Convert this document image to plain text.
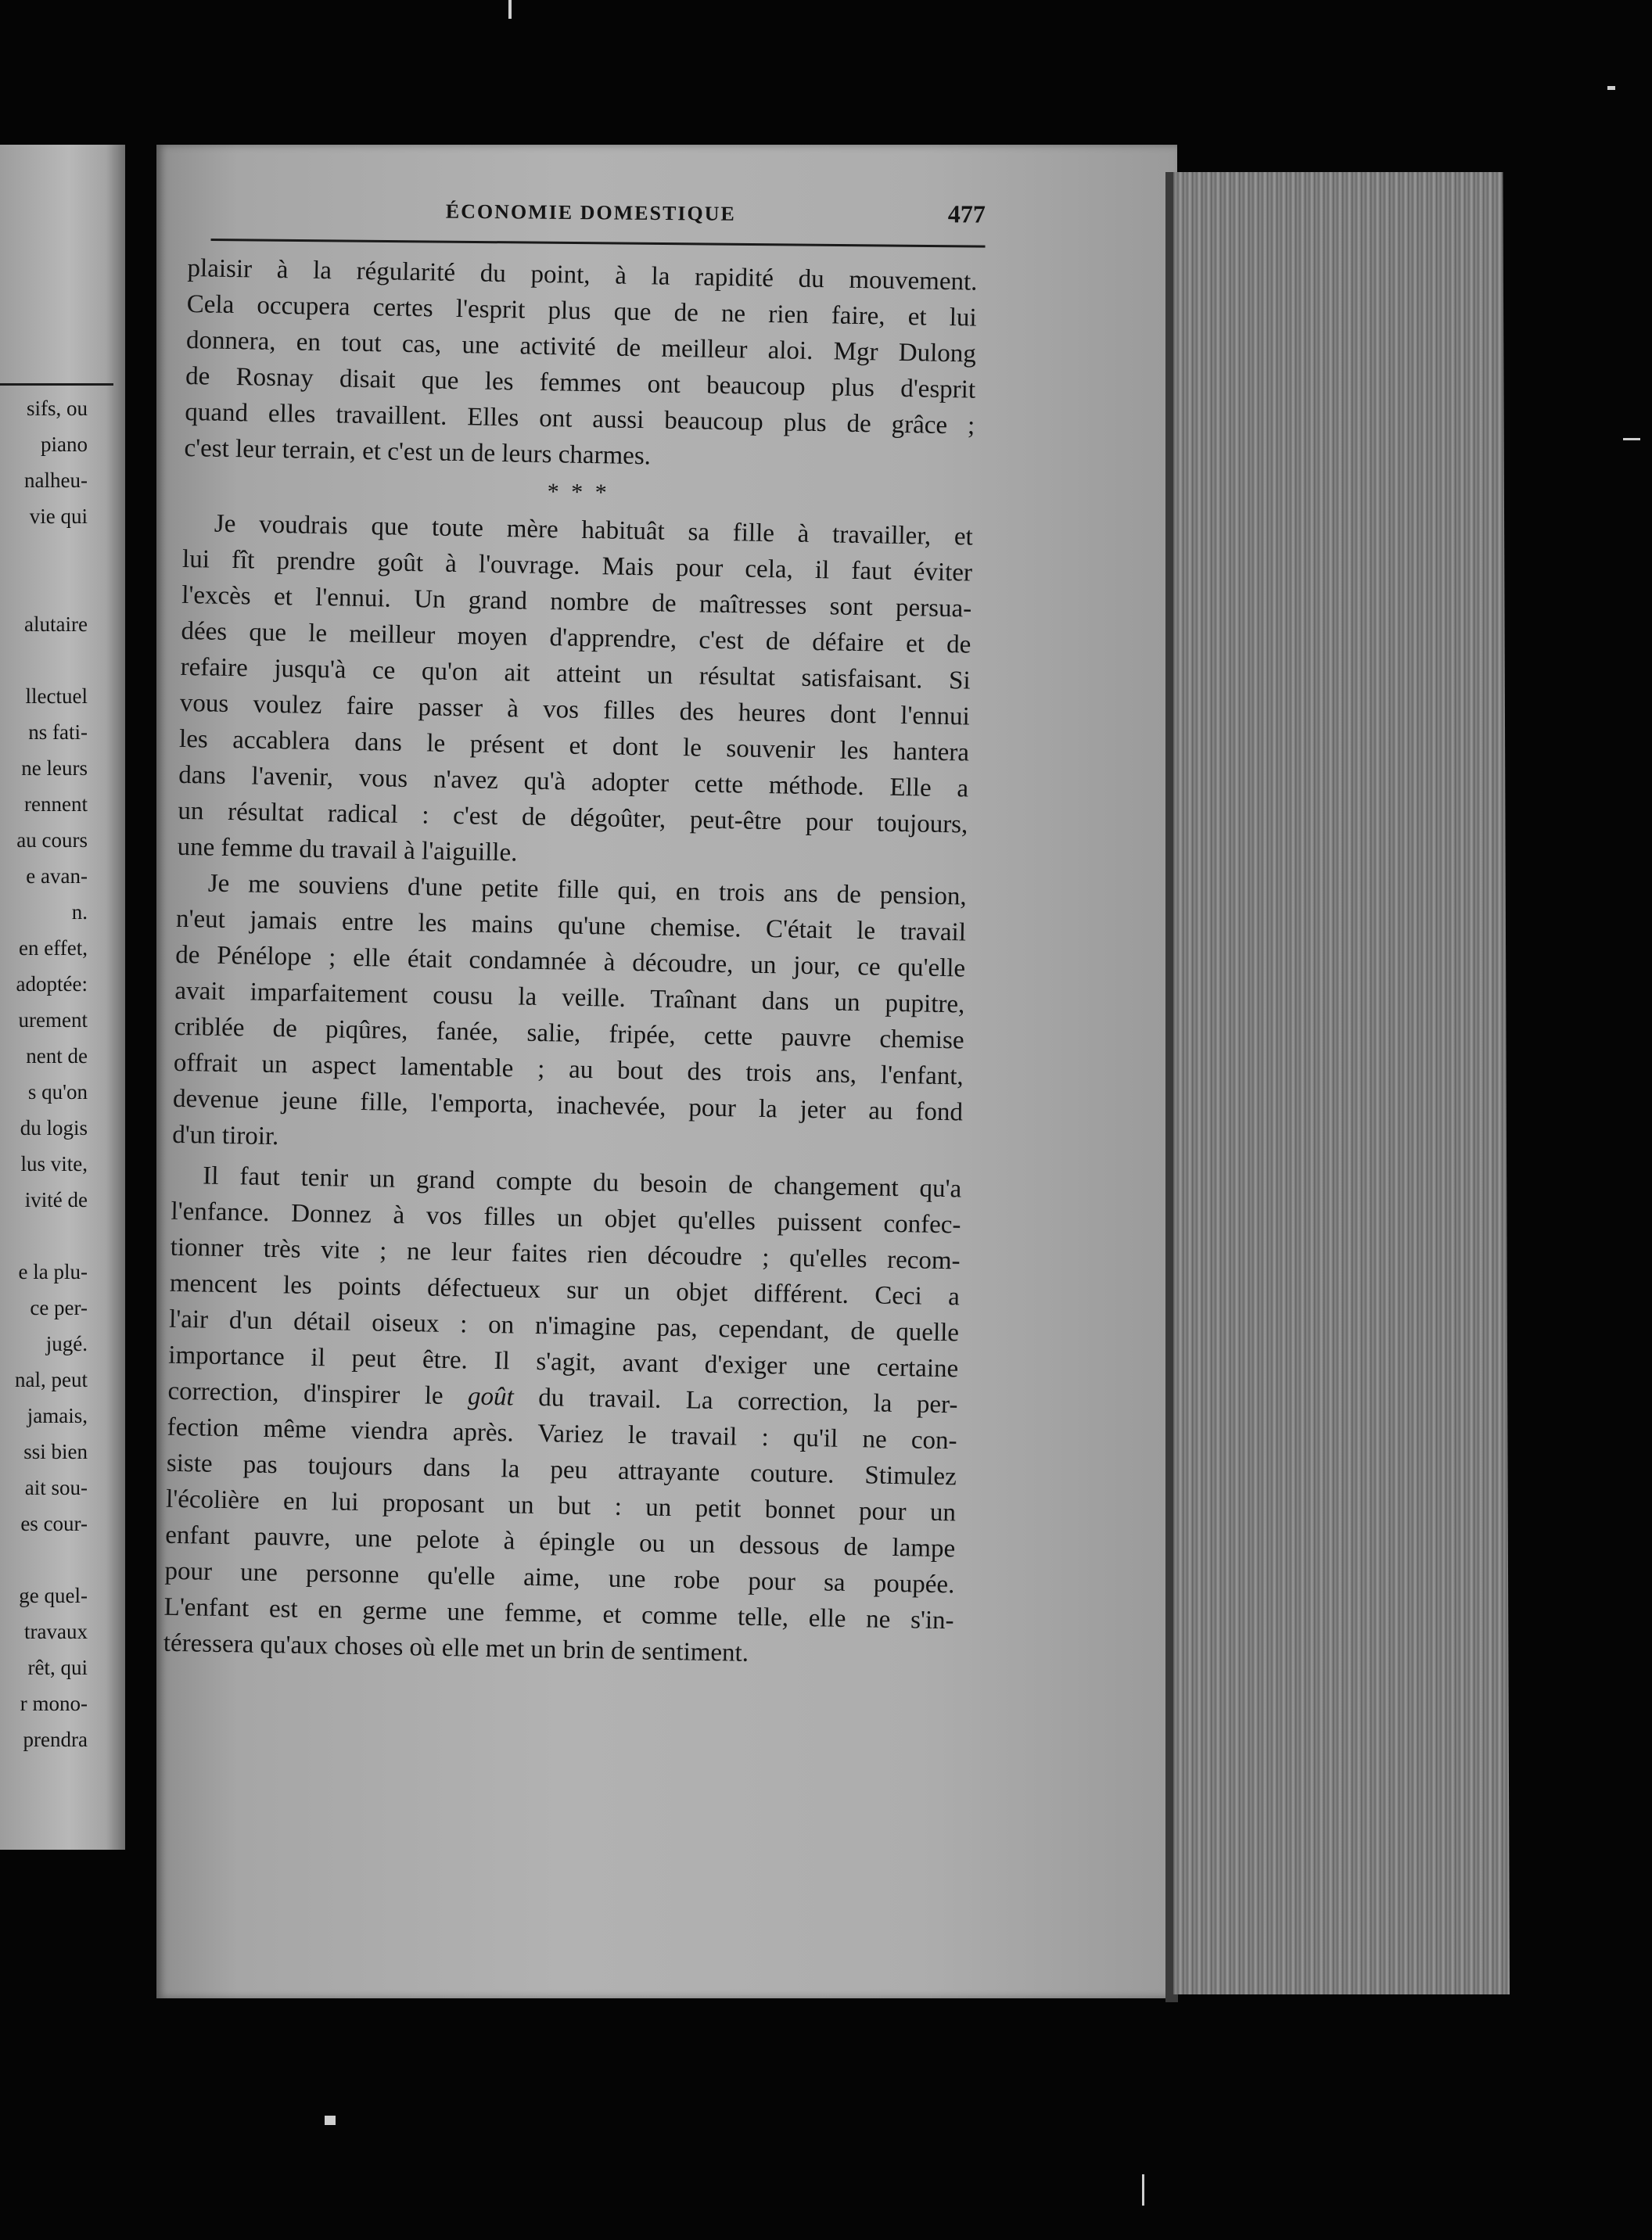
sifs, ou
piano
nalheu-
vie qui
alutaire
llectuel
ns fati-
ne leurs
rennent
au cours
e avan-
n.
en effet,
adoptée:
urement
nent de
s qu'on
du logis
lus vite,
ivité de
e la plu-
ce per-
jugé.
nal, peut
jamais,
ssi bien
ait sou-
es cour-
ge quel-
travaux
rêt, qui
r mono-
prendra
ÉCONOMIE DOMESTIQUE	477
plaisir à la régularité du point, à la rapidité du mouvement.
Cela occupera certes l'esprit plus que de ne rien faire, et lui
donnera, en tout cas, une activité de meilleur aloi. Mgr Dulong
de Rosnay disait que les femmes ont beaucoup plus d'esprit
quand elles travaillent. Elles ont aussi beaucoup plus de grâce ;
c'est leur terrain, et c'est un de leurs charmes.
* * *
Je voudrais que toute mère habituât sa fille à travailler, et
lui fît prendre goût à l'ouvrage. Mais pour cela, il faut éviter
l'excès et l'ennui. Un grand nombre de maîtresses sont persua-
dées que le meilleur moyen d'apprendre, c'est de défaire et de
refaire jusqu'à ce qu'on ait atteint un résultat satisfaisant. Si
vous voulez faire passer à vos filles des heures dont l'ennui
les accablera dans le présent et dont le souvenir les hantera
dans l'avenir, vous n'avez qu'à adopter cette méthode. Elle a
un résultat radical : c'est de dégoûter, peut-être pour toujours,
une femme du travail à l'aiguille.
Je me souviens d'une petite fille qui, en trois ans de pension,
n'eut jamais entre les mains qu'une chemise. C'était le travail
de Pénélope ; elle était condamnée à découdre, un jour, ce qu'elle
avait imparfaitement cousu la veille. Traînant dans un pupitre,
criblée de piqûres, fanée, salie, fripée, cette pauvre chemise
offrait un aspect lamentable ; au bout des trois ans, l'enfant,
devenue jeune fille, l'emporta, inachevée, pour la jeter au fond
d'un tiroir.
Il faut tenir un grand compte du besoin de changement qu'a
l'enfance. Donnez à vos filles un objet qu'elles puissent confec-
tionner très vite ; ne leur faites rien découdre ; qu'elles recom-
mencent les points défectueux sur un objet différent. Ceci a
l'air d'un détail oiseux : on n'imagine pas, cependant, de quelle
importance il peut être. Il s'agit, avant d'exiger une certaine
correction, d'inspirer le goût du travail. La correction, la per-
fection même viendra après. Variez le travail : qu'il ne con-
siste pas toujours dans la peu attrayante couture. Stimulez
l'écolière en lui proposant un but : un petit bonnet pour un
enfant pauvre, une pelote à épingle ou un dessous de lampe
pour une personne qu'elle aime, une robe pour sa poupée.
L'enfant est en germe une femme, et comme telle, elle ne s'in-
téressera qu'aux choses où elle met un brin de sentiment.
